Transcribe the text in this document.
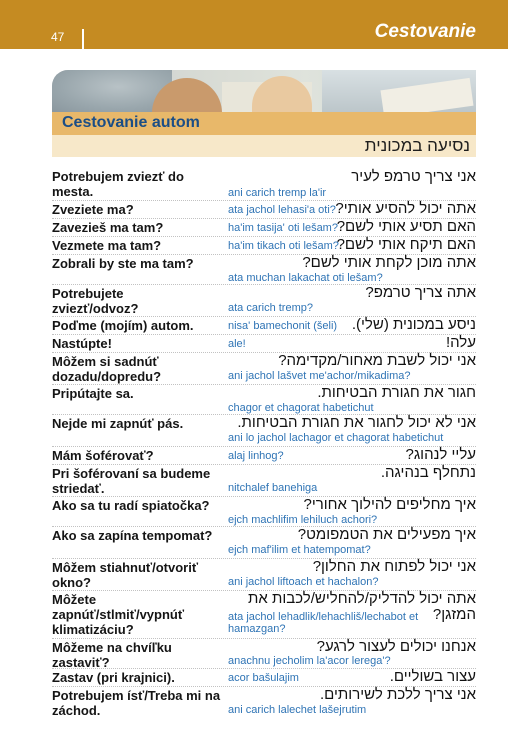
47	Cestovanie
Cestovanie autom
נסיעה במכונית
Potrebujem zviezť do mesta.
אני צריך טרמפ לעיר
ani carich tremp la'ir
Zveziete ma?	אתה יכול להסיע אותי?
ata jachol lehasi'a oti?
Zavezieš ma tam?	האם תסיע אותי לשם?
ha'im tasija' oti lešam?
Vezmete ma tam?	האם תיקח אותי לשם?
ha'im tikach oti lešam?
Zobrali by ste ma tam?	אתה מוכן לקחת אותי לשם?
ata muchan lakachat oti lešam?
Potrebujete zviezť/odvoz?
אתה צריך טרמפ?
ata carich tremp?
Poďme (mojím) autom.	ניסע במכונית (שלי).
nisa' bamechonit (šeli)
Nastúpte!	עלה!
ale!
Môžem si sadnúť dozadu/dopredu?
אני יכול לשבת מאחור/מקדימה?
ani jachol lašvet me'achor/mikadima?
Pripútajte sa.	חגור את חגורת הבטיחות.
chagor et chagorat habetichut
Nejde mi zapnúť pás.	אני לא יכול לחגור את חגורת הבטיחות.
ani lo jachol lachagor et chagorat habetichut
Mám šoférovať?	עליי לנהוג?
alaj linhog?
Pri šoférovaní sa budeme striedať.
נתחלף בנהיגה.
nitchalef banehiga
Ako sa tu radí spiatočka?	איך מחליפים להילוך אחורי?
ejch machlifim lehiluch achori?
Ako sa zapína tempomat?	איך מפעילים את הטמפומט?
ejch maf'ilim et hatempomat?
Môžem stiahnuť/otvoriť okno?
אני יכול לפתוח את החלון?
ani jachol liftoach et hachalon?
Môžete zapnúť/stlmiť/vypnúť klimatizáciu?
אתה יכול להדליק/להחליש/לכבות את המזגן?
ata jachol lehadlik/lehachliš/lechabot et hamazgan?
Môžeme na chvíľku zastaviť?
אנחנו יכולים לעצור לרגע?
anachnu jecholim la'acor lerega'?
Zastav (pri krajnici).	עצור בשוליים.
acor bašulajim
Potrebujem ísť/Treba mi na záchod.
אני צריך ללכת לשירותים.
ani carich lalechet lašejrutim
